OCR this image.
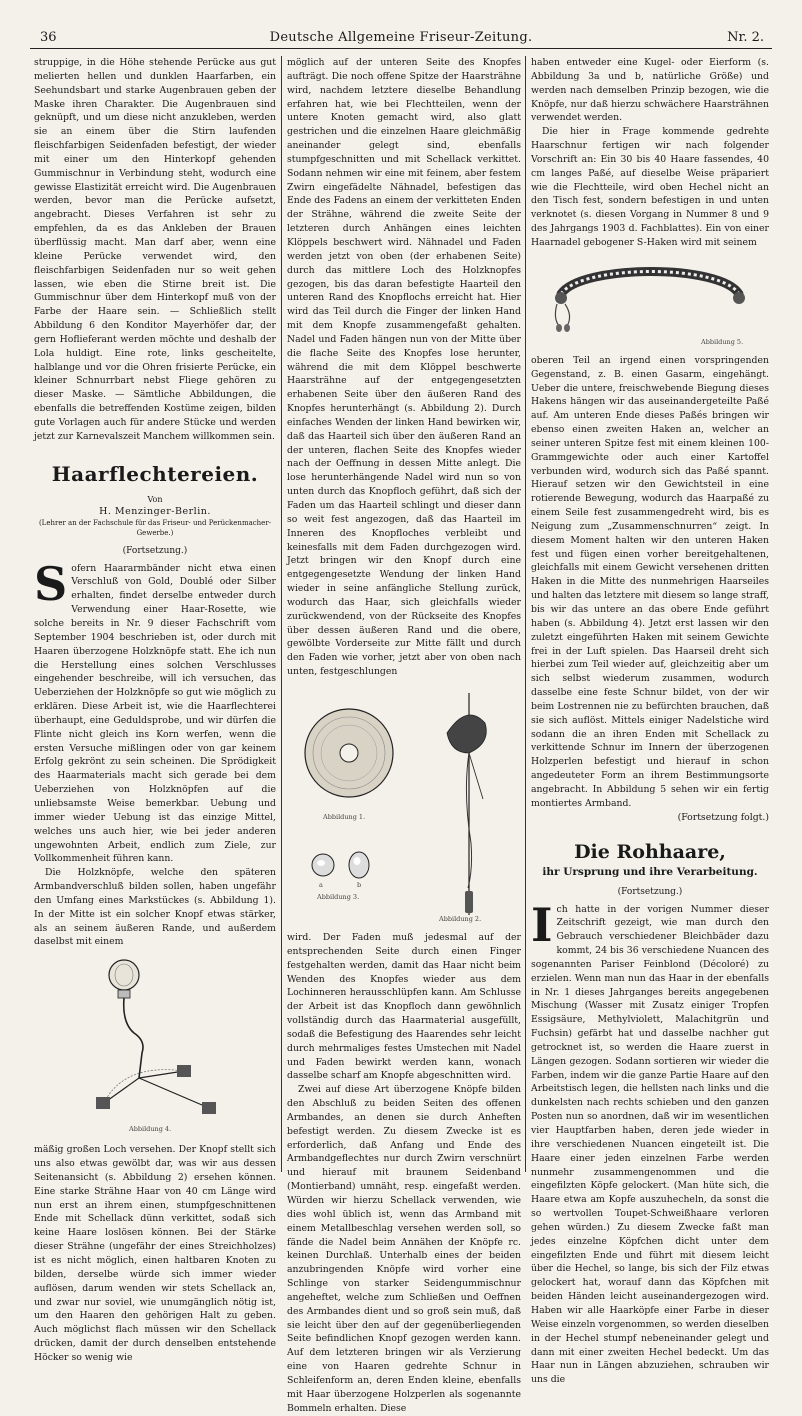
36	Deutsche Allgemeine Friseur-Zeitung.	Nr. 2.

struppige, in die Höhe stehende Perücke aus gut melierten hellen und dunklen Haarfarben, ein Seehundsbart und starke Augenbrauen geben der Maske ihren Charakter. Die Augenbrauen sind geknüpft, und um diese nicht anzukleben, werden sie an einem über die Stirn laufenden fleischfarbigen Seidenfaden befestigt, der wieder mit einer um den Hinterkopf gehenden Gummischnur in Verbindung steht, wodurch eine gewisse Elastizität erreicht wird. Die Augenbrauen werden, bevor man die Perücke aufsetzt, angebracht. Dieses Verfahren ist sehr zu empfehlen, da es das Ankleben der Brauen überflüssig macht. Man darf aber, wenn eine kleine Perücke verwendet wird, den fleischfarbigen Seidenfaden nur so weit gehen lassen, wie eben die Stirne breit ist. Die Gummischnur über dem Hinterkopf muß von der Farbe der Haare sein. — Schließlich stellt Abbildung 6 den Konditor Mayerhöfer dar, der gern Hoflieferant werden möchte und deshalb der Lola huldigt. Eine rote, links gescheitelte, halblange und vor die Ohren frisierte Perücke, ein kleiner Schnurrbart nebst Fliege gehören zu dieser Maske. — Sämtliche Abbildungen, die ebenfalls die betreffenden Kostüme zeigen, bilden gute Vorlagen auch für andere Stücke und werden jetzt zur Karnevalszeit Manchem willkommen sein.

Haarflechtereien.
Von
H. Menzinger-Berlin.
(Lehrer an der Fachschule für das Friseur- und Perückenmacher-Gewerbe.)
(Fortsetzung.)

Sofern Haararmbänder nicht etwa einen Verschluß von Gold, Doublé oder Silber erhalten, findet derselbe entweder durch Verwendung einer Haar-Rosette, wie solche bereits in Nr. 9 dieser Fachschrift vom September 1904 beschrieben ist, oder durch mit Haaren überzogene Holzknöpfe statt. Ehe ich nun die Herstellung eines solchen Verschlusses eingehender beschreibe, will ich versuchen, das Ueberziehen der Holzknöpfe so gut wie möglich zu erklären. Diese Arbeit ist, wie die Haarflechterei überhaupt, eine Geduldsprobe, und wir dürfen die Flinte nicht gleich ins Korn werfen, wenn die ersten Versuche mißlingen oder von gar keinem Erfolg gekrönt zu sein scheinen. Die Sprödigkeit des Haarmaterials macht sich gerade bei dem Ueberziehen von Holzknöpfen auf die unliebsamste Weise bemerkbar. Uebung und immer wieder Uebung ist das einzige Mittel, welches uns auch hier, wie bei jeder anderen ungewohnten Arbeit, endlich zum Ziele, zur Vollkommenheit führen kann.

Die Holzknöpfe, welche den späteren Armbandverschluß bilden sollen, haben ungefähr den Umfang eines Markstückes (s. Abbildung 1). In der Mitte ist ein solcher Knopf etwas stärker, als an seinem äußeren Rande, und außerdem daselbst mit einem

Abbildung 4.

mäßig großen Loch versehen. Der Knopf stellt sich uns also etwas gewölbt dar, was wir aus dessen Seitenansicht (s. Abbildung 2) ersehen können. Eine starke Strähne Haar von 40 cm Länge wird nun erst an ihrem einen, stumpfgeschnittenen Ende mit Schellack dünn verkittet, sodaß sich keine Haare loslösen können. Bei der Stärke dieser Strähne (ungefähr der eines Streichholzes) ist es nicht möglich, einen haltbaren Knoten zu bilden, derselbe würde sich immer wieder auflösen, darum wenden wir stets Schellack an, und zwar nur soviel, wie unumgänglich nötig ist, um den Haaren den gehörigen Halt zu geben. Auch möglichst flach müssen wir den Schellack drücken, damit der durch denselben entstehende Höcker so wenig wie

möglich auf der unteren Seite des Knopfes aufträgt. Die noch offene Spitze der Haarsträhne wird, nachdem letztere dieselbe Behandlung erfahren hat, wie bei Flechtteilen, wenn der untere Knoten gemacht wird, also glatt gestrichen und die einzelnen Haare gleichmäßig aneinander gelegt sind, ebenfalls stumpfgeschnitten und mit Schellack verkittet. Sodann nehmen wir eine mit feinem, aber festem Zwirn eingefädelte Nähnadel, befestigen das Ende des Fadens an einem der verkitteten Enden der Strähne, während die zweite Seite der letzteren durch Anhängen eines leichten Klöppels beschwert wird. Nähnadel und Faden werden jetzt von oben (der erhabenen Seite) durch das mittlere Loch des Holzknopfes gezogen, bis das daran befestigte Haarteil den unteren Rand des Knopflochs erreicht hat. Hier wird das Teil durch die Finger der linken Hand mit dem Knopfe zusammengefaßt gehalten. Nadel und Faden hängen nun von der Mitte über die flache Seite des Knopfes lose herunter, während die mit dem Klöppel beschwerte Haarsträhne auf der entgegengesetzten erhabenen Seite über den äußeren Rand des Knopfes herunterhängt (s. Abbildung 2). Durch einfaches Wenden der linken Hand bewirken wir, daß das Haarteil sich über den äußeren Rand an der unteren, flachen Seite des Knopfes wieder nach der Oeffnung in dessen Mitte anlegt. Die lose herunterhängende Nadel wird nun so von unten durch das Knopfloch geführt, daß sich der Faden um das Haarteil schlingt und dieser dann so weit fest angezogen, daß das Haarteil im Inneren des Knopfloches verbleibt und keinesfalls mit dem Faden durchgezogen wird. Jetzt bringen wir den Knopf durch eine entgegengesetzte Wendung der linken Hand wieder in seine anfängliche Stellung zurück, wodurch das Haar, sich gleichfalls wieder zurückwendend, von der Rückseite des Knopfes über dessen äußeren Rand und die obere, gewölbte Vorderseite zur Mitte fällt und durch den Faden wie vorher, jetzt aber von oben nach unten, festgeschlungen

Abbildung 1.
a	b
Abbildung 3.
Abbildung 2.

wird. Der Faden muß jedesmal auf der entsprechenden Seite durch einen Finger festgehalten werden, damit das Haar nicht beim Wenden des Knopfes wieder aus dem Lochinneren herausschlüpfen kann. Am Schlusse der Arbeit ist das Knopfloch dann gewöhnlich vollständig durch das Haarmaterial ausgefüllt, sodaß die Befestigung des Haarendes sehr leicht durch mehrmaliges festes Umstechen mit Nadel und Faden bewirkt werden kann, wonach dasselbe scharf am Knopfe abgeschnitten wird.

Zwei auf diese Art überzogene Knöpfe bilden den Abschluß zu beiden Seiten des offenen Armbandes, an denen sie durch Anheften befestigt werden. Zu diesem Zwecke ist es erforderlich, daß Anfang und Ende des Armbandgeflechtes nur durch Zwirn verschnürt und hierauf mit braunem Seidenband (Montierband) umnäht, resp. eingefaßt werden. Würden wir hierzu Schellack verwenden, wie dies wohl üblich ist, wenn das Armband mit einem Metallbeschlag versehen werden soll, so fände die Nadel beim Annähen der Knöpfe rc. keinen Durchlaß. Unterhalb eines der beiden anzubringenden Knöpfe wird vorher eine Schlinge von starker Seidengummischnur angeheftet, welche zum Schließen und Oeffnen des Armbandes dient und so groß sein muß, daß sie leicht über den auf der gegenüberliegenden Seite befindlichen Knopf gezogen werden kann. Auf dem letzteren bringen wir als Verzierung eine von Haaren gedrehte Schnur in Schleifenform an, deren Enden kleine, ebenfalls mit Haar überzogene Holzperlen als sogenannte Bommeln erhalten. Diese

haben entweder eine Kugel- oder Eierform (s. Abbildung 3a und b, natürliche Größe) und werden nach demselben Prinzip bezogen, wie die Knöpfe, nur daß hierzu schwächere Haarsträhnen verwendet werden.

Die hier in Frage kommende gedrehte Haarschnur fertigen wir nach folgender Vorschrift an: Ein 30 bis 40 Haare fassendes, 40 cm langes Paßé, auf dieselbe Weise präpariert wie die Flechtteile, wird oben Hechel nicht an den Tisch fest, sondern befestigen in und unten verknotet (s. diesen Vorgang in Nummer 8 und 9 des Jahrgangs 1903 d. Fachblattes). Ein von einer Haarnadel gebogener S-Haken wird mit seinem

Abbildung 5.

oberen Teil an irgend einen vorspringenden Gegenstand, z. B. einen Gasarm, eingehängt. Ueber die untere, freischwebende Biegung dieses Hakens hängen wir das auseinandergeteilte Paßé auf. Am unteren Ende dieses Paßés bringen wir ebenso einen zweiten Haken an, welcher an seiner unteren Spitze fest mit einem kleinen 100-Grammgewichte oder auch einer Kartoffel verbunden wird, wodurch sich das Paßé spannt. Hierauf setzen wir den Gewichtsteil in eine rotierende Bewegung, wodurch das Haarpaßé zu einem Seile fest zusammengedreht wird, bis es Neigung zum „Zusammenschnurren“ zeigt. In diesem Moment halten wir den unteren Haken fest und fügen einen vorher bereitgehaltenen, gleichfalls mit einem Gewicht versehenen dritten Haken in die Mitte des nunmehrigen Haarseiles und halten das letztere mit diesem so lange straff, bis wir das untere an das obere Ende geführt haben (s. Abbildung 4). Jetzt erst lassen wir den zuletzt eingeführten Haken mit seinem Gewichte frei in der Luft spielen. Das Haarseil dreht sich hierbei zum Teil wieder auf, gleichzeitig aber um sich selbst wiederum zusammen, wodurch dasselbe eine feste Schnur bildet, von der wir beim Lostrennen nie zu befürchten brauchen, daß sie sich auflöst. Mittels einiger Nadelstiche wird sodann die an ihren Enden mit Schellack zu verkittende Schnur im Innern der überzogenen Holzperlen befestigt und hierauf in schon angedeuteter Form an ihrem Bestimmungsorte angebracht. In Abbildung 5 sehen wir ein fertig montiertes Armband.

(Fortsetzung folgt.)
Die Rohhaare,
ihr Ursprung und ihre Verarbeitung.
(Fortsetzung.)

Ich hatte in der vorigen Nummer dieser Zeitschrift gezeigt, wie man durch den Gebrauch verschiedener Bleichbäder dazu kommt, 24 bis 36 verschiedene Nuancen des sogenannten Pariser Feinblond (Décoloré) zu erzielen. Wenn man nun das Haar in der ebenfalls in Nr. 1 dieses Jahrganges bereits angegebenen Mischung (Wasser mit Zusatz einiger Tropfen Essigsäure, Methylviolett, Malachitgrün und Fuchsin) gefärbt hat und dasselbe nachher gut getrocknet ist, so werden die Haare zuerst in Längen gezogen. Sodann sortieren wir wieder die Farben, indem wir die ganze Partie Haare auf den Arbeitstisch legen, die hellsten nach links und die dunkelsten nach rechts schieben und den ganzen Posten nun so anordnen, daß wir im wesentlichen vier Hauptfarben haben, deren jede wieder in ihre verschiedenen Nuancen eingeteilt ist. Die Haare einer jeden einzelnen Farbe werden nunmehr zusammengenommen und die eingefilzten Köpfe gelockert. (Man hüte sich, die Haare etwa am Kopfe auszuhecheln, da sonst die so wertvollen Toupet-Schweißhaare verloren gehen würden.) Zu diesem Zwecke faßt man jedes einzelne Köpfchen dicht unter dem eingefilzten Ende und führt mit diesem leicht über die Hechel, so lange, bis sich der Filz etwas gelockert hat, worauf dann das Köpfchen mit beiden Händen leicht auseinandergezogen wird. Haben wir alle Haarköpfe einer Farbe in dieser Weise einzeln vorgenommen, so werden dieselben in der Hechel stumpf nebeneinander gelegt und dann mit einer zweiten Hechel bedeckt. Um das Haar nun in Längen abzuziehen, schrauben wir uns die
